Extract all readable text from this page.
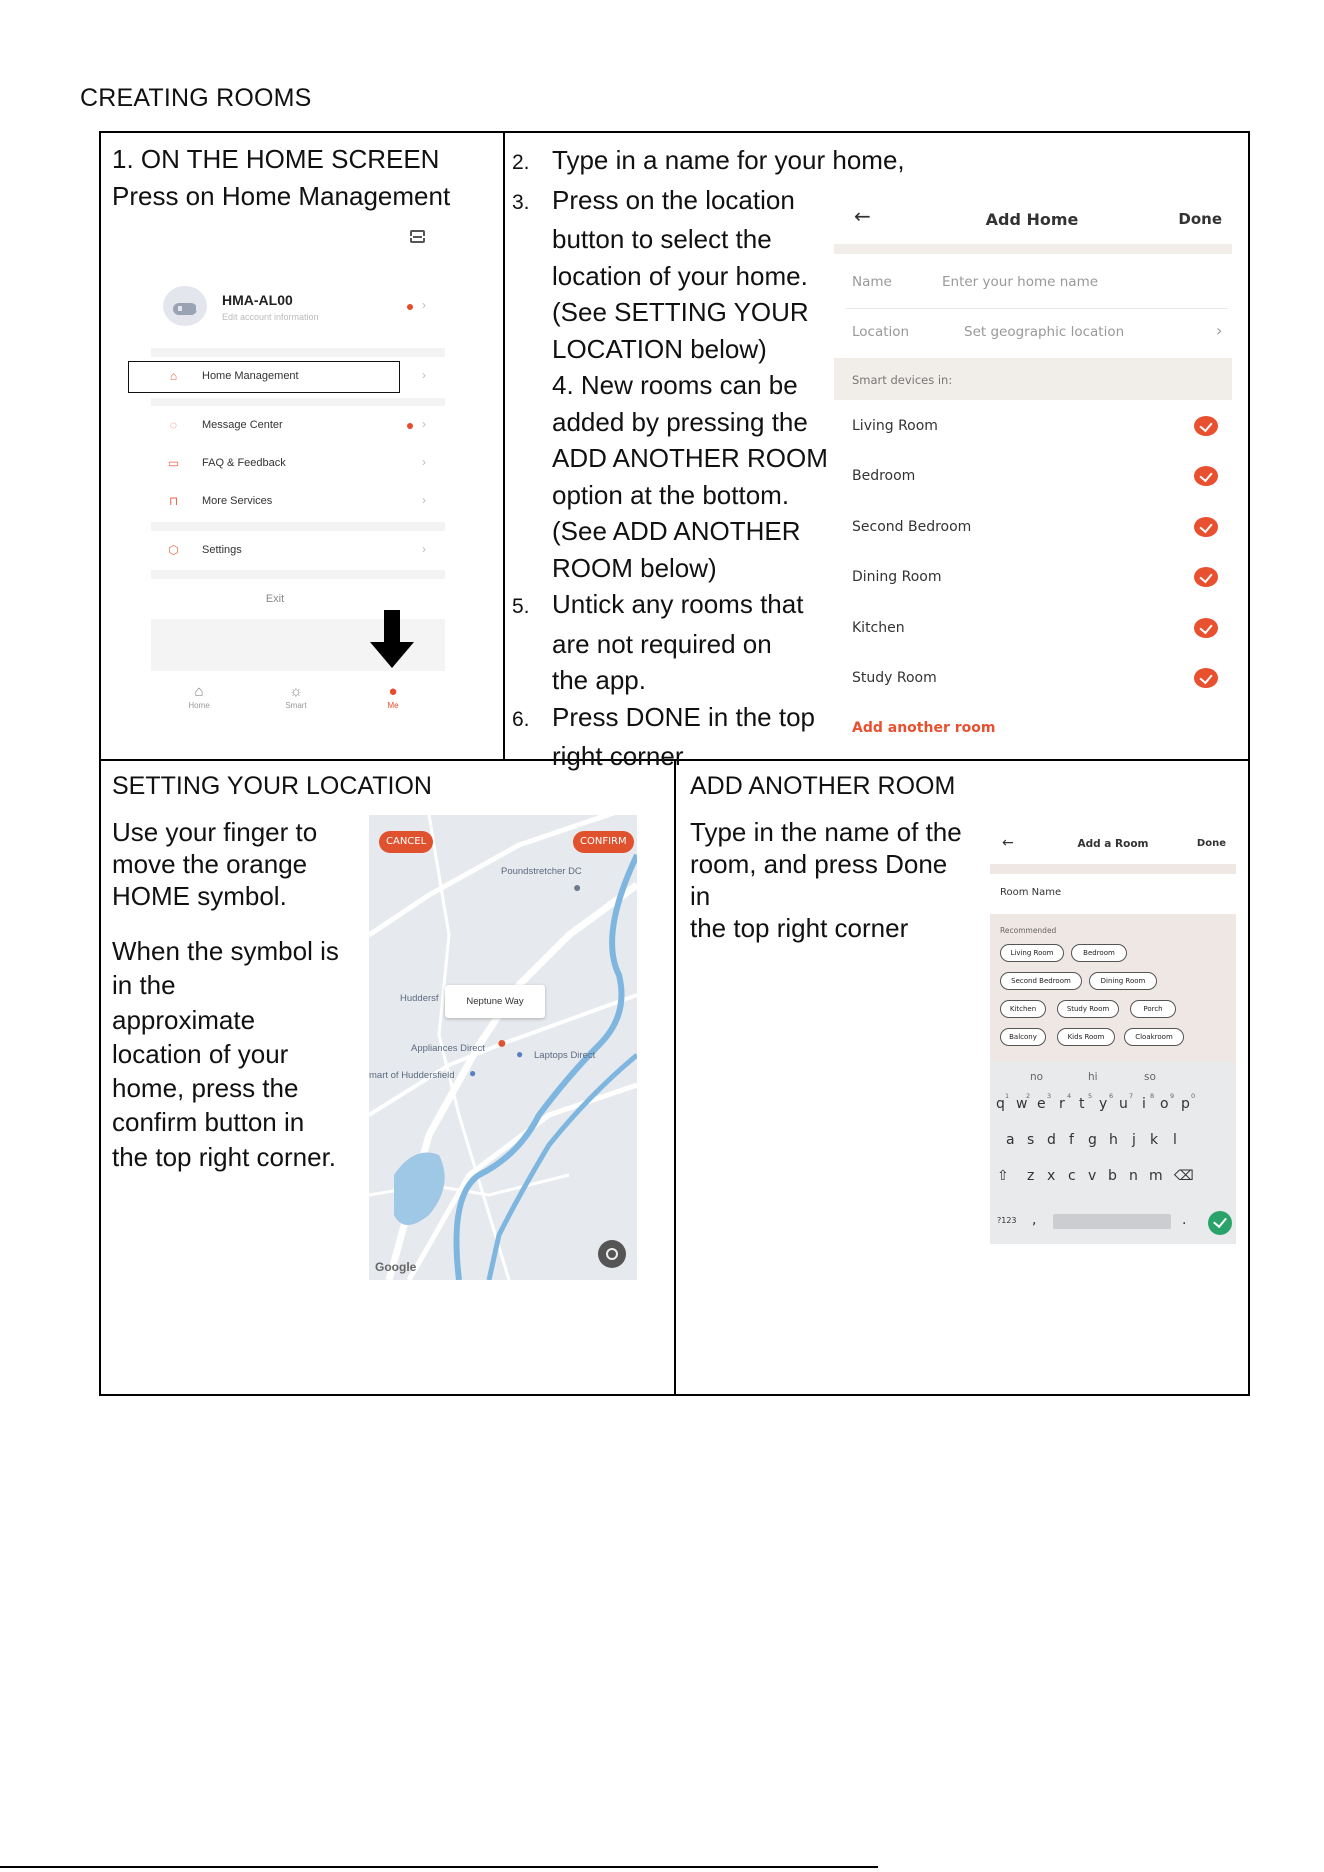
CREATING ROOMS
1. ON THE HOME SCREEN
Press on Home Management
HMA-AL00
Edit account information
›
⌂	Home Management	›
◌	Message Center	›
▭ FAQ & Feedback	›
⊓ More Services	›
⬡ Settings	›
Exit
⌂
Home
☼
Smart
●
Me
2. Type in a name for your home,
3. Press on the location
button to select the
location of your home.
(See SETTING YOUR
LOCATION below)
4. New rooms can be
added by pressing the
ADD ANOTHER ROOM
option at the bottom.
(See ADD ANOTHER
ROOM below)
5. Untick any rooms that
are not required on
the app.
6. Press DONE in the top
right corner
←	Add Home	Done
Name	Enter your home name
Location	Set geographic location	›
Smart devices in:
Living Room
Bedroom
Second Bedroom
Dining Room
Kitchen
Study Room
Add another room
SETTING YOUR LOCATION
Use your finger to
move the orange
HOME symbol.
When the symbol is
in the
approximate
location of your
home, press the
confirm button in
the top right corner.
CANCEL	CONFIRM
Poundstretcher DC
●
Huddersf	Neptune Way
Appliances Direct ●
● Laptops Direct
mart of Huddersfield ●
Google
ADD ANOTHER ROOM
Type in the name of the
room, and press Done
in
the top right corner
←	Add a Room	Done
Room Name
Recommended
Living Room	Bedroom
Second Bedroom	Dining Room
Kitchen	Study Room	Porch
Balcony	Kids Room	Cloakroom
no	hi	so
1	2	3 4	5	6 7	8 9	0
q w e r t y u i o p
a s d f g h j k l
⇧ z x c v b n m ⌫
?123 ,	.
